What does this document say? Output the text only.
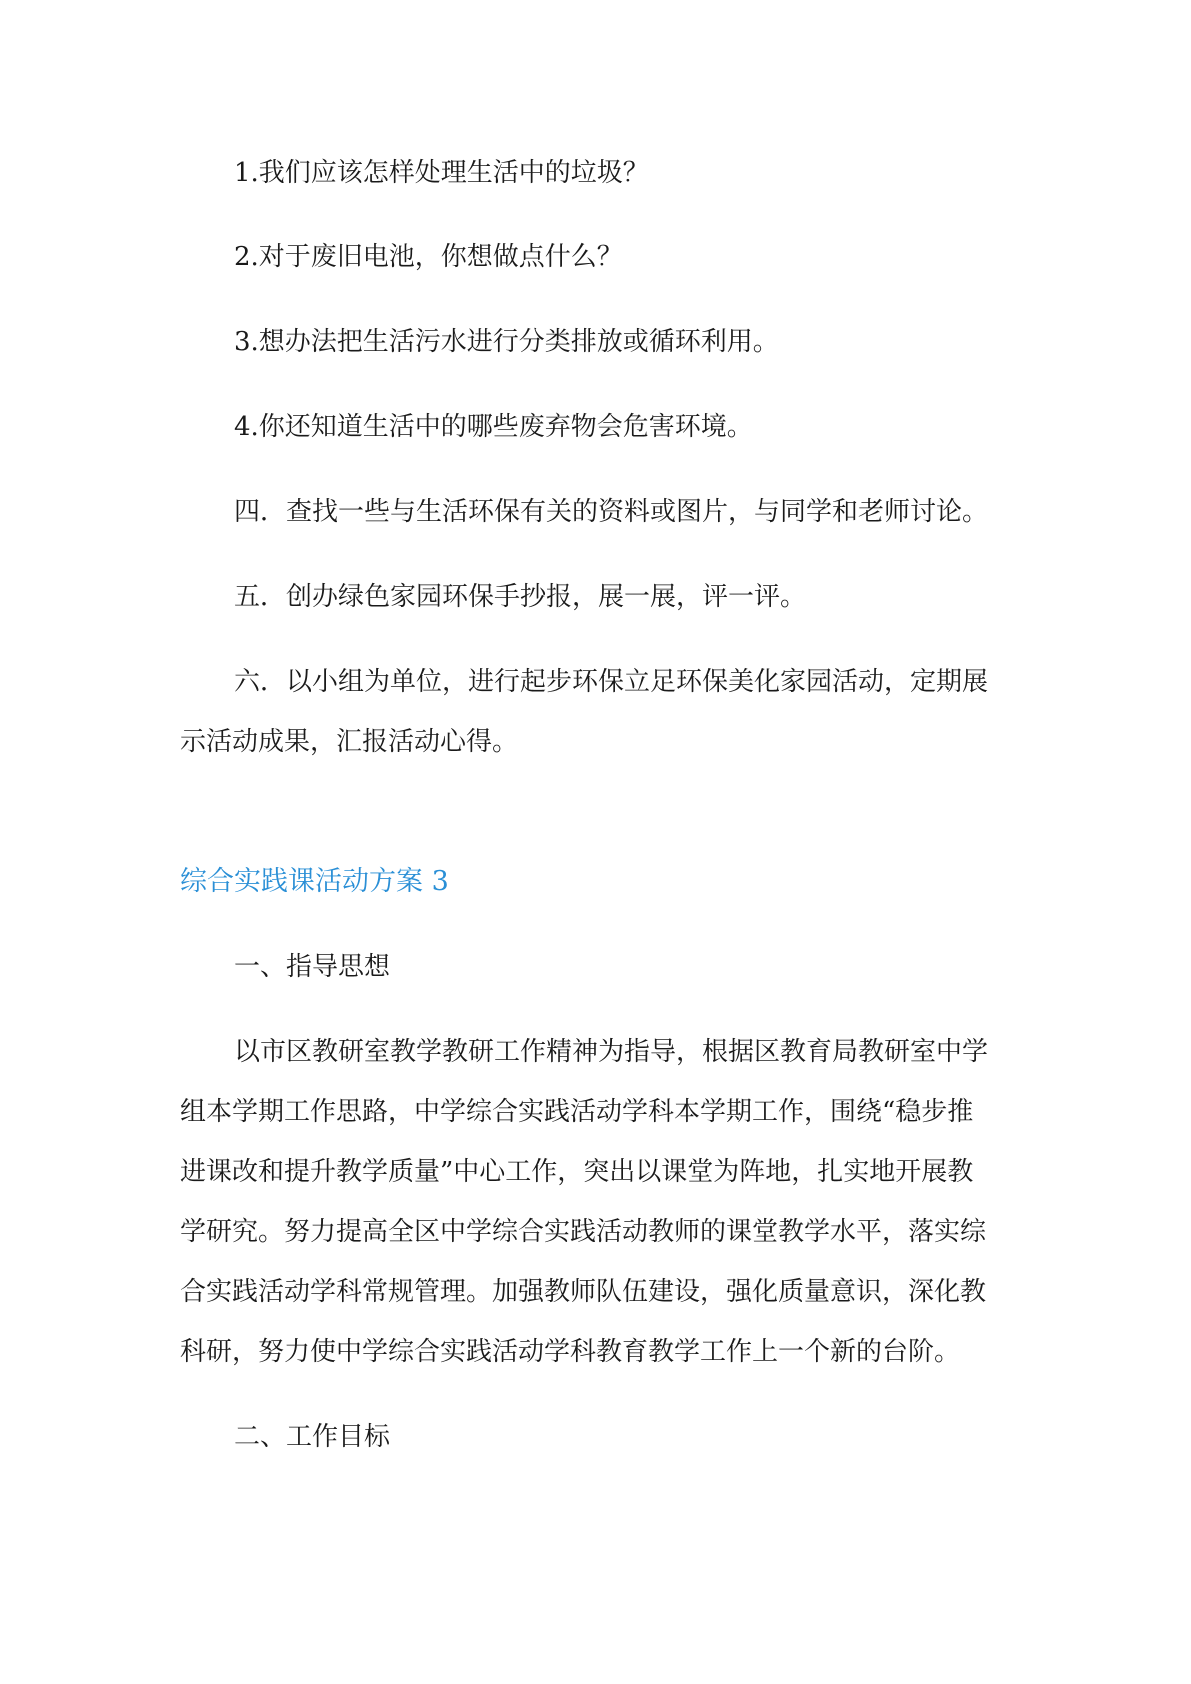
1.我们应该怎样处理生活中的垃圾？
2.对于废旧电池，你想做点什么？
3.想办法把生活污水进行分类排放或循环利用。
4.你还知道生活中的哪些废弃物会危害环境。
四．查找一些与生活环保有关的资料或图片，与同学和老师讨论。
五．创办绿色家园环保手抄报，展一展，评一评。
六．以小组为单位，进行起步环保立足环保美化家园活动，定期展
示活动成果，汇报活动心得。
综合实践课活动方案 3
一、指导思想
以市区教研室教学教研工作精神为指导，根据区教育局教研室中学
组本学期工作思路，中学综合实践活动学科本学期工作，围绕“稳步推
进课改和提升教学质量”中心工作，突出以课堂为阵地，扎实地开展教
学研究。努力提高全区中学综合实践活动教师的课堂教学水平，落实综
合实践活动学科常规管理。加强教师队伍建设，强化质量意识，深化教
科研，努力使中学综合实践活动学科教育教学工作上一个新的台阶。
二、工作目标
